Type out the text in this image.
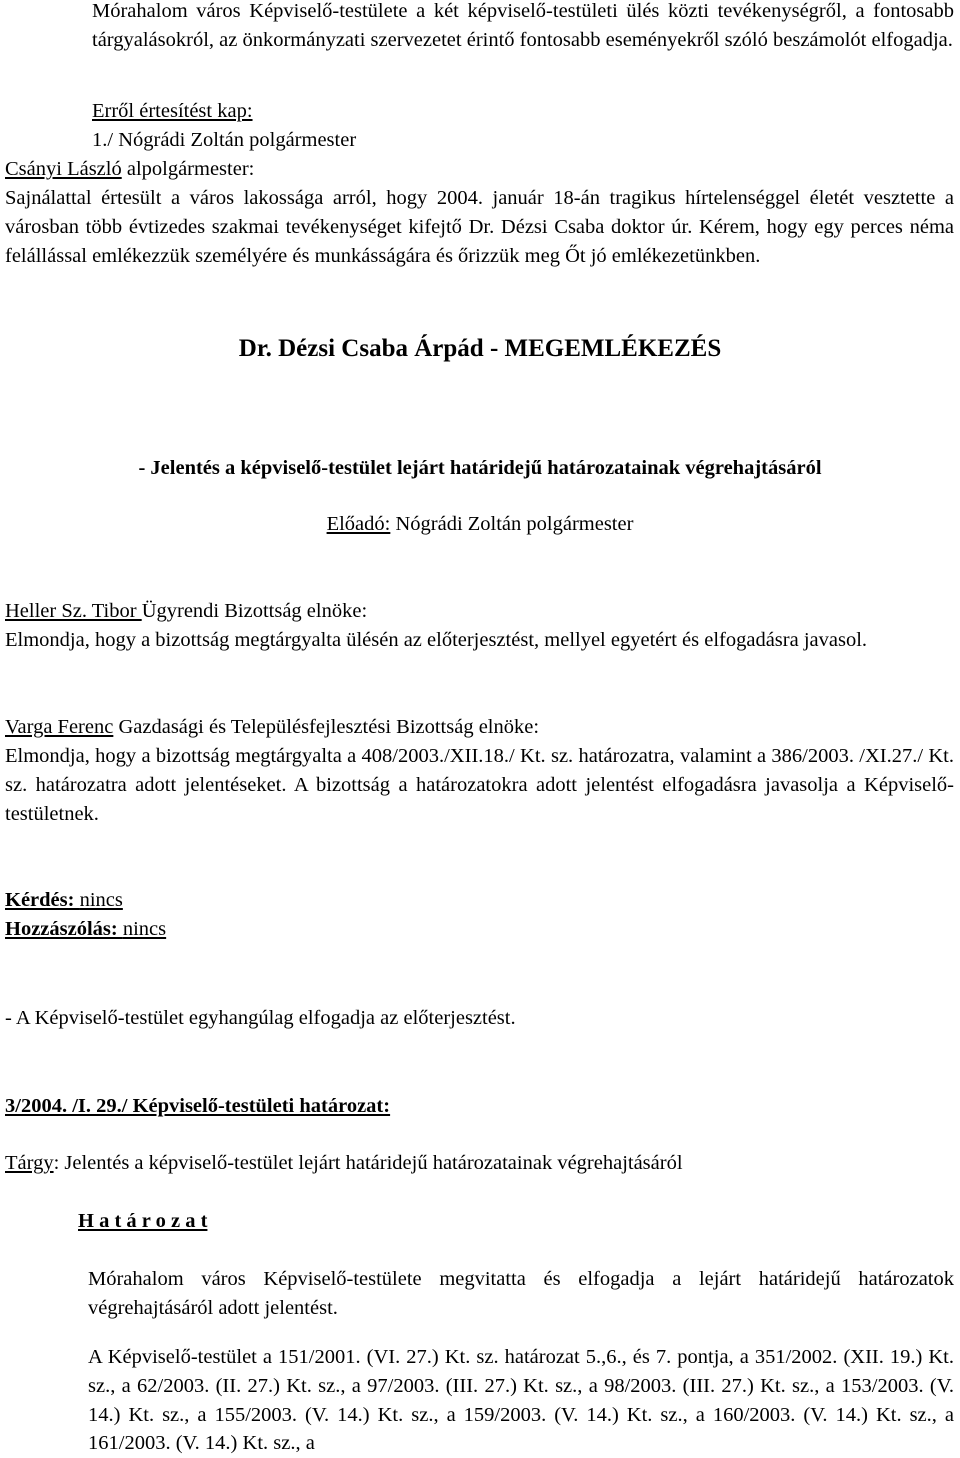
Mórahalom város Képviselő-testülete a két képviselő-testületi ülés közti tevékenységről, a fontosabb tárgyalásokról, az önkormányzati szervezetet érintő fontosabb eseményekről szóló beszámolót elfogadja.
Erről értesítést kap:
1./ Nógrádi Zoltán polgármester
Csányi László alpolgármester:
Sajnálattal értesült a város lakossága arról, hogy 2004. január 18-án tragikus hírtelenséggel életét vesztette a városban több évtizedes szakmai tevékenységet kifejtő Dr. Dézsi Csaba doktor úr. Kérem, hogy egy perces néma felállással emlékezzük személyére és munkásságára és őrizzük meg Őt jó emlékezetünkben.
Dr. Dézsi Csaba Árpád - MEGEMLÉKEZÉS
- Jelentés a képviselő-testület lejárt határidejű határozatainak végrehajtásáról
Előadó: Nógrádi Zoltán polgármester
Heller Sz. Tibor Ügyrendi Bizottság elnöke:
Elmondja, hogy a bizottság megtárgyalta ülésén az előterjesztést, mellyel egyetért és elfogadásra javasol.
Varga Ferenc Gazdasági és Településfejlesztési Bizottság elnöke:
Elmondja, hogy a bizottság megtárgyalta a 408/2003./XII.18./ Kt. sz. határozatra, valamint a 386/2003. /XI.27./ Kt. sz. határozatra adott jelentéseket. A bizottság a határozatokra adott jelentést elfogadásra javasolja a Képviselő-testületnek.
Kérdés: nincs
Hozzászólás: nincs
- A Képviselő-testület egyhangúlag elfogadja az előterjesztést.
3/2004. /I. 29./ Képviselő-testületi határozat:
Tárgy: Jelentés a képviselő-testület lejárt határidejű határozatainak végrehajtásáról
H a t á r o z a t
Mórahalom város Képviselő-testülete megvitatta és elfogadja a lejárt határidejű határozatok végrehajtásáról adott jelentést.
A Képviselő-testület a 151/2001. (VI. 27.) Kt. sz. határozat 5.,6., és 7. pontja, a 351/2002. (XII. 19.) Kt. sz., a 62/2003. (II. 27.) Kt. sz., a 97/2003. (III. 27.) Kt. sz., a 98/2003. (III. 27.) Kt. sz., a 153/2003. (V. 14.) Kt. sz., a 155/2003. (V. 14.) Kt. sz., a 159/2003. (V. 14.) Kt. sz., a 160/2003. (V. 14.) Kt. sz., a 161/2003. (V. 14.) Kt. sz., a
